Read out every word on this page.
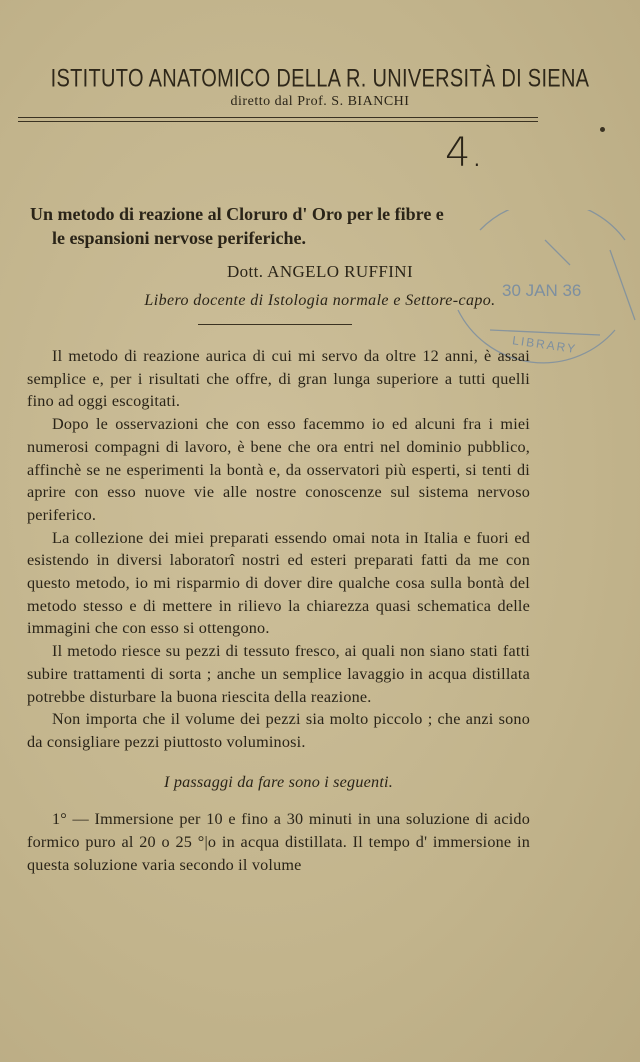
ISTITUTO ANATOMICO DELLA R. UNIVERSITÀ DI SIENA
diretto dal Prof. S. BIANCHI
4.
Un metodo di reazione al Cloruro d' Oro per le fibre e
le espansioni nervose periferiche.
Dott. ANGELO RUFFINI
Libero docente di Istologia normale e Settore-capo.
30 JAN 36
LIBRARY

Il metodo di reazione aurica di cui mi servo da oltre 12 anni, è assai semplice e, per i risultati che offre, di gran lunga superiore a tutti quelli fino ad oggi escogitati.

Dopo le osservazioni che con esso facemmo io ed alcuni fra i miei numerosi compagni di lavoro, è bene che ora entri nel dominio pubblico, affinchè se ne esperimenti la bontà e, da osservatori più esperti, si tenti di aprire con esso nuove vie alle nostre conoscenze sul sistema nervoso periferico.

La collezione dei miei preparati essendo omai nota in Italia e fuori ed esistendo in diversi laboratorî nostri ed esteri preparati fatti da me con questo metodo, io mi risparmio di dover dire qualche cosa sulla bontà del metodo stesso e di mettere in rilievo la chiarezza quasi schematica delle immagini che con esso si ottengono.

Il metodo riesce su pezzi di tessuto fresco, ai quali non siano stati fatti subire trattamenti di sorta ; anche un semplice lavaggio in acqua distillata potrebbe disturbare la buona riescita della reazione.

Non importa che il volume dei pezzi sia molto piccolo ; che anzi sono da consigliare pezzi piuttosto voluminosi.

I passaggi da fare sono i seguenti.

1° — Immersione per 10 e fino a 30 minuti in una soluzione di acido formico puro al 20 o 25 °|o in acqua distillata. Il tempo d' immersione in questa soluzione varia secondo il volume
